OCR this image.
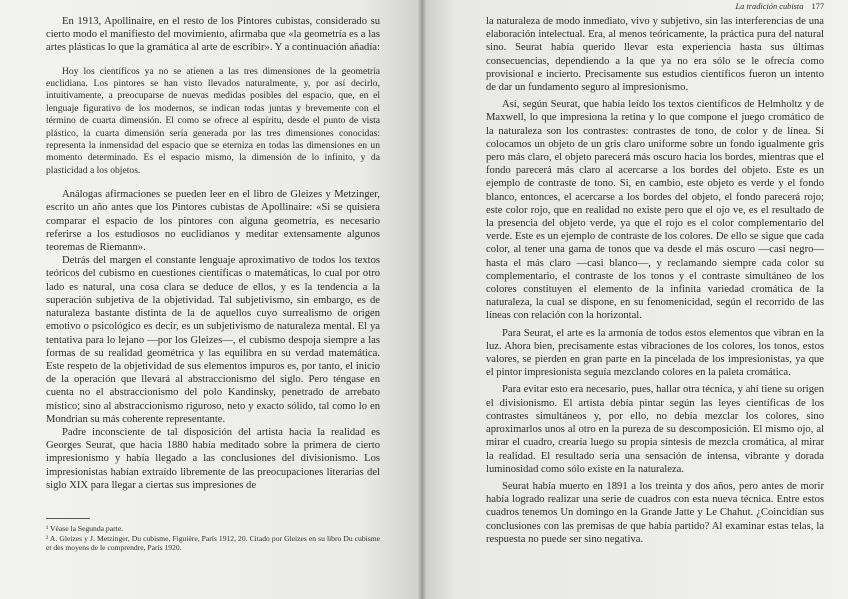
En 1913, Apollinaire, en el resto de los Pintores cubistas, considerado su cierto modo el manifiesto del movimiento, afirmaba que «la geometría es a las artes plásticas lo que la gramática al arte de escribir». Y a continuación añadía:

Hoy los científicos ya no se atienen a las tres dimensiones de la geometría euclidiana. Los pintores se han visto llevados naturalmente, y, por así decirlo, intuitivamente, a preocuparse de nuevas medidas posibles del espacio, que, en el lenguaje figurativo de los modernos, se indican todas juntas y brevemente con el término de cuarta dimensión. El como se ofrece al espíritu, desde el punto de vista plástico, la cuarta dimensión sería generada por las tres dimensiones conocidas: representa la inmensidad del espacio que se eterniza en todas las dimensiones en un momento determinado. Es el espacio mismo, la dimensión de lo infinito, y da plasticidad a los objetos.

Análogas afirmaciones se pueden leer en el libro de Gleizes y Metzinger, escrito un año antes que los Pintores cubistas de Apollinaire: «Si se quisiera comparar el espacio de los pintores con alguna geometría, es necesario referirse a los estudiosos no euclidianos y meditar extensamente algunos teoremas de Riemann».

Detrás del margen el constante lenguaje aproximativo de todos los textos teóricos del cubismo en cuestiones científicas o matemáticas, lo cual por otro lado es natural, una cosa clara se deduce de ellos, y es la tendencia a la superación subjetiva de la objetividad. Tal subjetivismo, sin embargo, es de naturaleza bastante distinta de la de aquellos cuyo surrealismo de origen emotivo o psicológico es decir, es un subjetivismo de naturaleza mental. El ya tentativa para lo lejano —por los Gleizes—, el cubismo despoja siempre a las formas de su realidad geométrica y las equilibra en su verdad matemática. Este respeto de la objetividad de sus elementos impuros es, por tanto, el inicio de la operación que llevará al abstraccionismo del siglo. Pero téngase en cuenta no el abstraccionismo del polo Kandinsky, penetrado de arrebato místico; sino al abstraccionismo riguroso, neto y exacto sólido, tal como lo en Mondrian su más coherente representante.

Padre inconsciente de tal disposición del artista hacia la realidad es Georges Seurat, que hacia 1880 había meditado sobre la primera de cierto impresionismo y había llegado a las conclusiones del divisionismo. Los impresionistas habían extraído libremente de las preocupaciones literarias del siglo XIX para llegar a ciertas sus impresiones de

¹ Véase la Segunda parte.

² A. Gleizes y J. Metzinger, Du cubisme, Figuière, París 1912, 20. Citado por Gleizes en su libro Du cubisme et des moyens de le comprendre, París 1920.

La tradición cubista 177

la naturaleza de modo inmediato, vivo y subjetivo, sin las interferencias de una elaboración intelectual. Era, al menos teóricamente, la práctica pura del natural sino. Seurat había querido llevar esta experiencia hasta sus últimas consecuencias, dependiendo a la que ya no era sólo se le ofrecía como provisional e incierto. Precisamente sus estudios científicos fueron un intento de dar un fundamento seguro al impresionismo.

Así, según Seurat, que había leído los textos científicos de Helmholtz y de Maxwell, lo que impresiona la retina y lo que compone el juego cromático de la naturaleza son los contrastes: contrastes de tono, de color y de línea. Si colocamos un objeto de un gris claro uniforme sobre un fondo igualmente gris pero más claro, el objeto parecerá más oscuro hacia los bordes, mientras que el fondo parecerá más claro al acercarse a los bordes del objeto. Este es un ejemplo de contraste de tono. Si, en cambio, este objeto es verde y el fondo blanco, entonces, el acercarse a los bordes del objeto, el fondo parecerá rojo; este color rojo, que en realidad no existe pero que el ojo ve, es el resultado de la presencia del objeto verde, ya que el rojo es el color complementario del verde. Este es un ejemplo de contraste de los colores. De ello se sigue que cada color, al tener una gama de tonos que va desde el más oscuro —casi negro— hasta el más claro —casi blanco—, y reclamando siempre cada color su complementario, el contraste de los tonos y el contraste simultáneo de los colores constituyen el elemento de la infinita variedad cromática de la naturaleza, la cual se dispone, en su fenomenicidad, según el recorrido de las líneas con relación con la horizontal.

Para Seurat, el arte es la armonía de todos estos elementos que vibran en la luz. Ahora bien, precisamente estas vibraciones de los colores, los tonos, estos valores, se pierden en gran parte en la pincelada de los impresionistas, ya que el pintor impresionista seguía mezclando colores en la paleta cromática.

Para evitar esto era necesario, pues, hallar otra técnica, y ahí tiene su origen el divisionismo. El artista debía pintar según las leyes científicas de los contrastes simultáneos y, por ello, no debía mezclar los colores, sino aproximarlos unos al otro en la pureza de su descomposición. El mismo ojo, al mirar el cuadro, crearía luego su propia síntesis de mezcla cromática, al mirar la realidad. El resultado sería una sensación de intensa, vibrante y dorada luminosidad como sólo existe en la naturaleza.

Seurat había muerto en 1891 a los treinta y dos años, pero antes de morir había logrado realizar una serie de cuadros con esta nueva técnica. Entre estos cuadros tenemos Un domingo en la Grande Jatte y Le Chahut. ¿Coincidían sus conclusiones con las premisas de que había partido? Al examinar estas telas, la respuesta no puede ser sino negativa.
